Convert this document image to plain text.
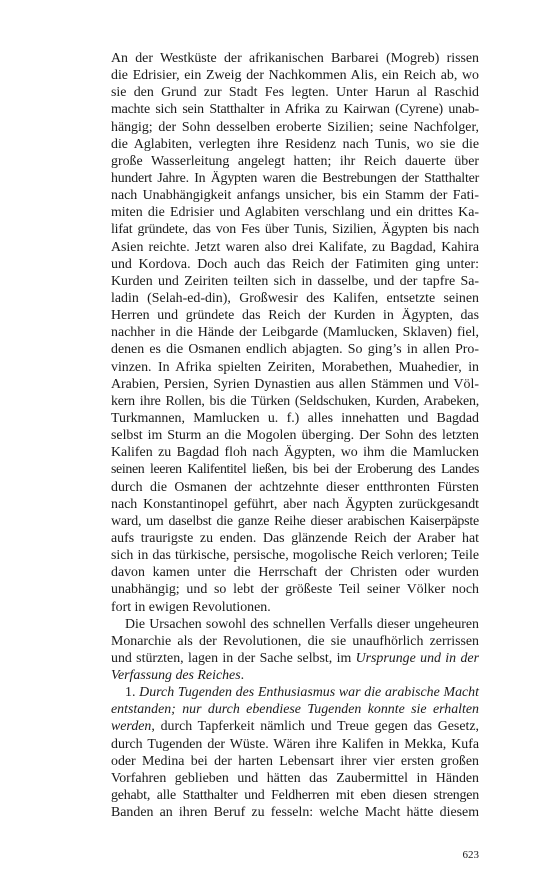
An der Westküste der afrikanischen Barbarei (Mogreb) rissen
die Edrisier, ein Zweig der Nachkommen Alis, ein Reich ab, wo
sie den Grund zur Stadt Fes legten. Unter Harun al Raschid
machte sich sein Statthalter in Afrika zu Kairwan (Cyrene) unab-
hängig; der Sohn desselben eroberte Sizilien; seine Nachfolger,
die Aglabiten, verlegten ihre Residenz nach Tunis, wo sie die
große Wasserleitung angelegt hatten; ihr Reich dauerte über
hundert Jahre. In Ägypten waren die Bestrebungen der Statthalter
nach Unabhängigkeit anfangs unsicher, bis ein Stamm der Fati-
miten die Edrisier und Aglabiten verschlang und ein drittes Ka-
lifat gründete, das von Fes über Tunis, Sizilien, Ägypten bis nach
Asien reichte. Jetzt waren also drei Kalifate, zu Bagdad, Kahira
und Kordova. Doch auch das Reich der Fatimiten ging unter:
Kurden und Zeiriten teilten sich in dasselbe, und der tapfre Sa-
ladin (Selah-ed-din), Großwesir des Kalifen, entsetzte seinen
Herren und gründete das Reich der Kurden in Ägypten, das
nachher in die Hände der Leibgarde (Mamlucken, Sklaven) fiel,
denen es die Osmanen endlich abjagten. So ging’s in allen Pro-
vinzen. In Afrika spielten Zeiriten, Morabethen, Muahedier, in
Arabien, Persien, Syrien Dynastien aus allen Stämmen und Völ-
kern ihre Rollen, bis die Türken (Seldschuken, Kurden, Arabeken,
Turkmannen, Mamlucken u. f.) alles innehatten und Bagdad
selbst im Sturm an die Mogolen überging. Der Sohn des letzten
Kalifen zu Bagdad floh nach Ägypten, wo ihm die Mamlucken
seinen leeren Kalifentitel ließen, bis bei der Eroberung des Landes
durch die Osmanen der achtzehnte dieser entthronten Fürsten
nach Konstantinopel geführt, aber nach Ägypten zurückgesandt
ward, um daselbst die ganze Reihe dieser arabischen Kaiserpäpste
aufs traurigste zu enden. Das glänzende Reich der Araber hat
sich in das türkische, persische, mogolische Reich verloren; Teile
davon kamen unter die Herrschaft der Christen oder wurden
unabhängig; und so lebt der größeste Teil seiner Völker noch
fort in ewigen Revolutionen.
Die Ursachen sowohl des schnellen Verfalls dieser ungeheuren
Monarchie als der Revolutionen, die sie unaufhörlich zerrissen
und stürzten, lagen in der Sache selbst, im Ursprunge und in der
Verfassung des Reiches.
1. Durch Tugenden des Enthusiasmus war die arabische Macht
entstanden; nur durch ebendiese Tugenden konnte sie erhalten
werden, durch Tapferkeit nämlich und Treue gegen das Gesetz,
durch Tugenden der Wüste. Wären ihre Kalifen in Mekka, Kufa
oder Medina bei der harten Lebensart ihrer vier ersten großen
Vorfahren geblieben und hätten das Zaubermittel in Händen
gehabt, alle Statthalter und Feldherren mit eben diesen strengen
Banden an ihren Beruf zu fesseln: welche Macht hätte diesem
623
